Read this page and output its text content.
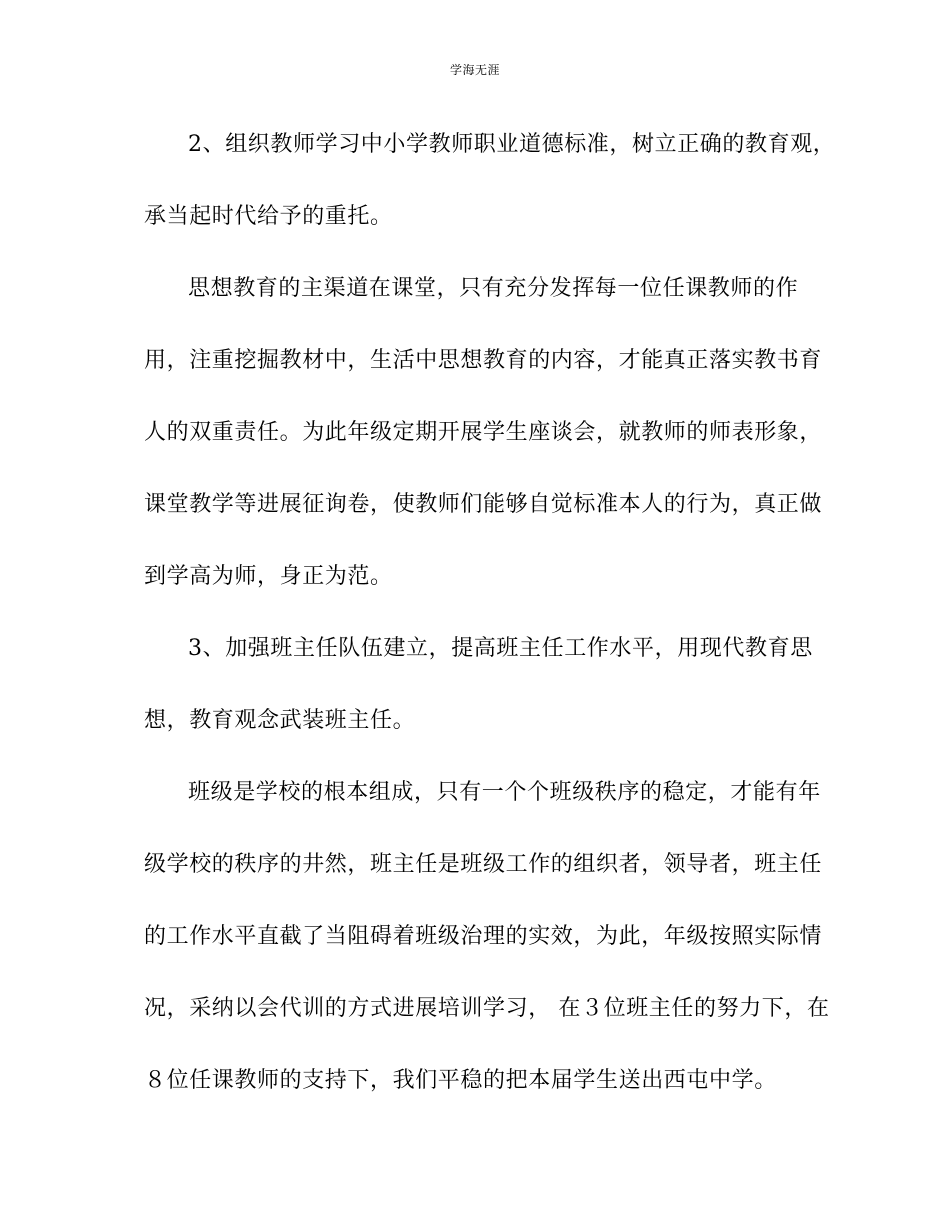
学海无涯
2、组织教师学习中小学教师职业道德标准，树立正确的教育观，
承当起时代给予的重托。
思想教育的主渠道在课堂，只有充分发挥每一位任课教师的作
用，注重挖掘教材中，生活中思想教育的内容，才能真正落实教书育
人的双重责任。为此年级定期开展学生座谈会，就教师的师表形象，
课堂教学等进展征询卷，使教师们能够自觉标准本人的行为，真正做
到学高为师，身正为范。
3、加强班主任队伍建立，提高班主任工作水平，用现代教育思
想，教育观念武装班主任。
班级是学校的根本组成，只有一个个班级秩序的稳定，才能有年
级学校的秩序的井然，班主任是班级工作的组织者，领导者，班主任
的工作水平直截了当阻碍着班级治理的实效，为此，年级按照实际情
况，采纳以会代训的方式进展培训学习， 在３位班主任的努力下，在
８位任课教师的支持下，我们平稳的把本届学生送出西屯中学。
